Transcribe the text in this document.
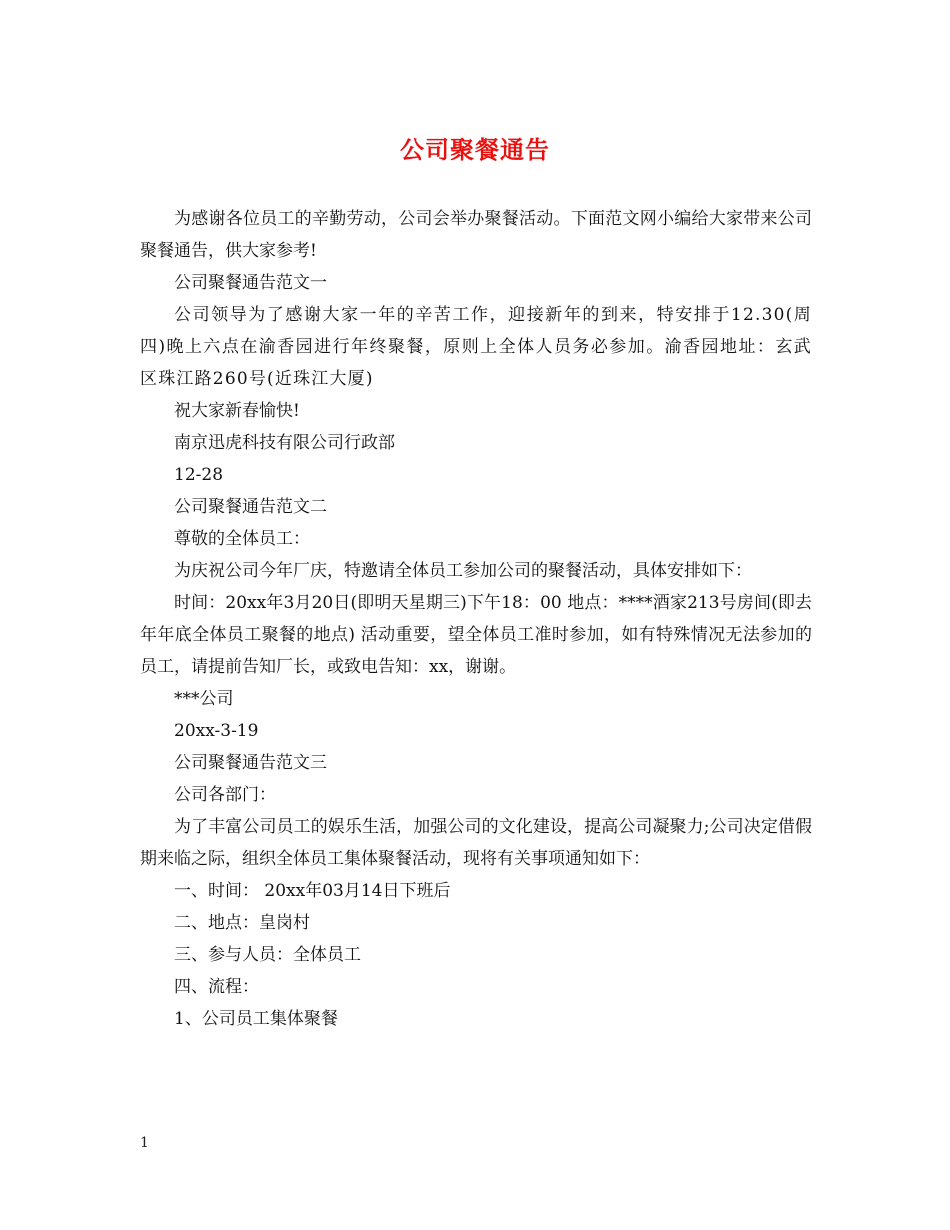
公司聚餐通告

为感谢各位员工的辛勤劳动，公司会举办聚餐活动。下面范文网小编给大家带来公司聚餐通告，供大家参考!

公司聚餐通告范文一

公司领导为了感谢大家一年的辛苦工作，迎接新年的到来，特安排于12.30(周四)晚上六点在渝香园进行年终聚餐，原则上全体人员务必参加。渝香园地址：玄武区珠江路260号(近珠江大厦)

祝大家新春愉快!

南京迅虎科技有限公司行政部

12-28

公司聚餐通告范文二

尊敬的全体员工：

为庆祝公司今年厂庆，特邀请全体员工参加公司的聚餐活动，具体安排如下：

时间：20xx年3月20日(即明天星期三)下午18：00 地点：****酒家213号房间(即去年年底全体员工聚餐的地点) 活动重要，望全体员工准时参加，如有特殊情况无法参加的员工，请提前告知厂长，或致电告知：xx，谢谢。

***公司

20xx-3-19

公司聚餐通告范文三

公司各部门：

为了丰富公司员工的娱乐生活，加强公司的文化建设，提高公司凝聚力;公司决定借假期来临之际，组织全体员工集体聚餐活动，现将有关事项通知如下：

一、时间： 20xx年03月14日下班后

二、地点：皇岗村

三、参与人员：全体员工

四、流程：

1、公司员工集体聚餐

1
